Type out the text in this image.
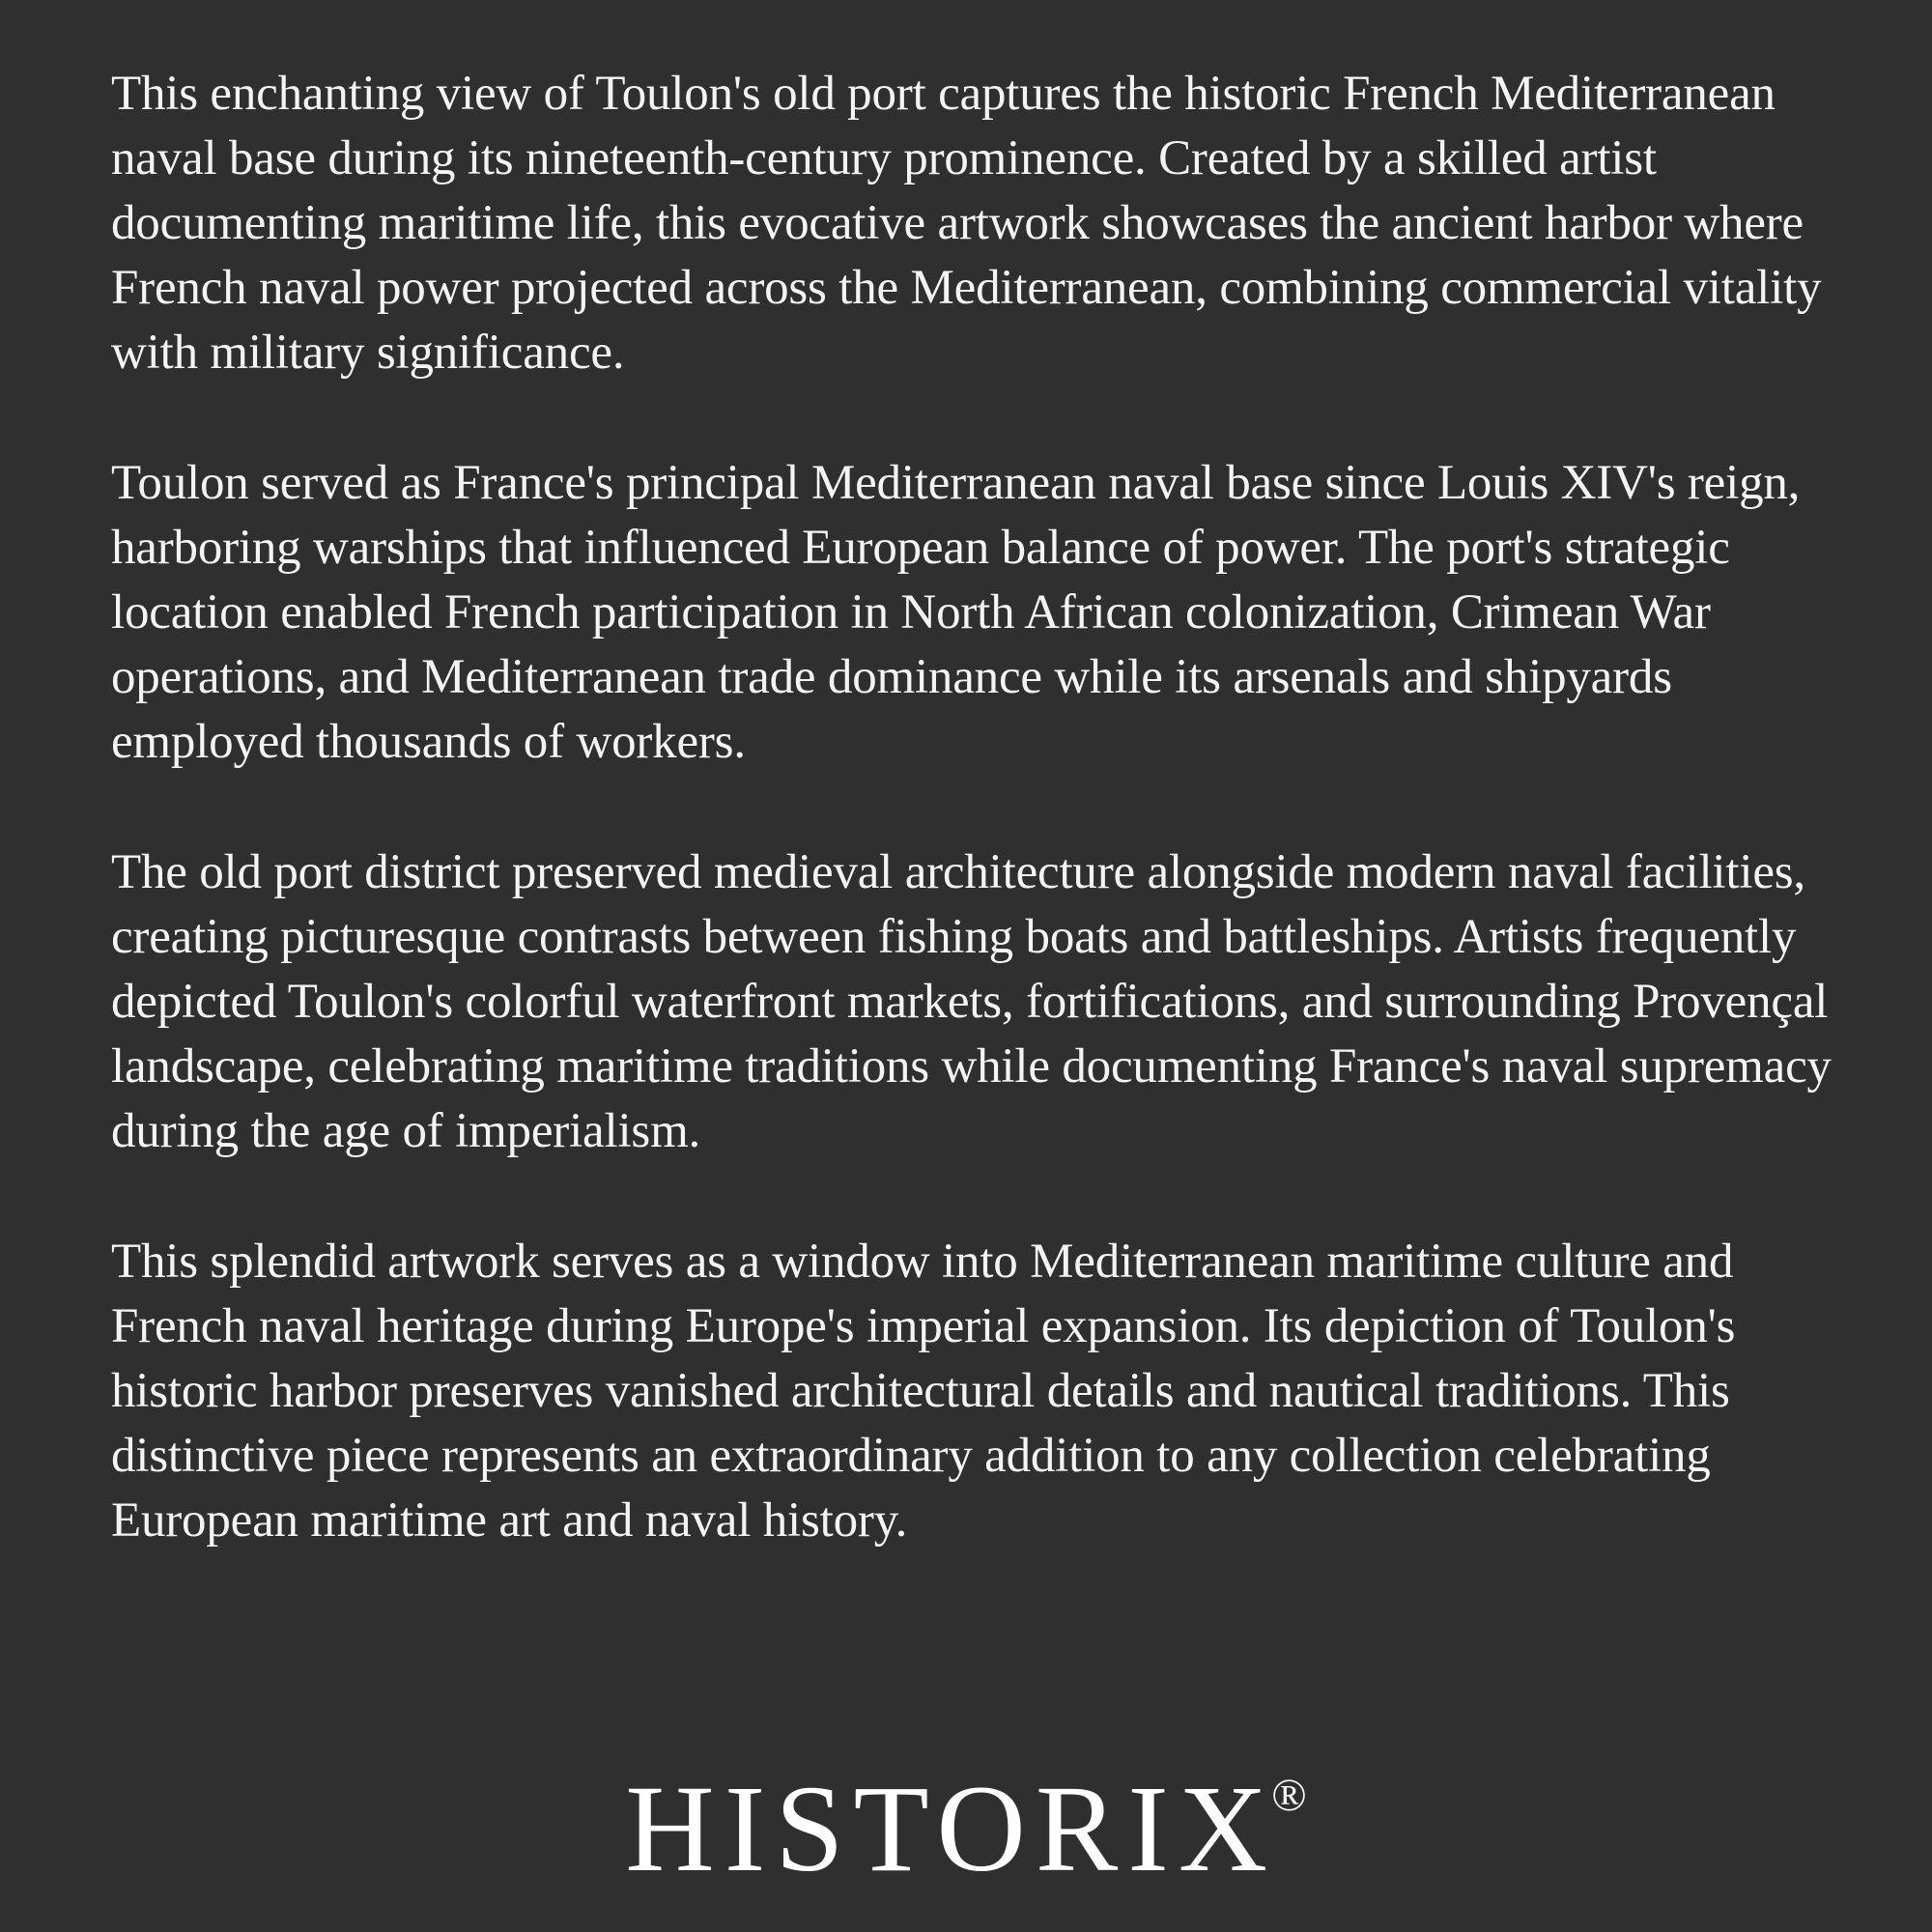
This enchanting view of Toulon's old port captures the historic French Mediterranean naval base during its nineteenth-century prominence. Created by a skilled artist documenting maritime life, this evocative artwork showcases the ancient harbor where French naval power projected across the Mediterranean, combining commercial vitality with military significance.

Toulon served as France's principal Mediterranean naval base since Louis XIV's reign, harboring warships that influenced European balance of power. The port's strategic location enabled French participation in North African colonization, Crimean War operations, and Mediterranean trade dominance while its arsenals and shipyards employed thousands of workers.

The old port district preserved medieval architecture alongside modern naval facilities, creating picturesque contrasts between fishing boats and battleships. Artists frequently depicted Toulon's colorful waterfront markets, fortifications, and surrounding Provençal landscape, celebrating maritime traditions while documenting France's naval supremacy during the age of imperialism.

This splendid artwork serves as a window into Mediterranean maritime culture and French naval heritage during Europe's imperial expansion. Its depiction of Toulon's historic harbor preserves vanished architectural details and nautical traditions. This distinctive piece represents an extraordinary addition to any collection celebrating European maritime art and naval history.

HISTORIX®
